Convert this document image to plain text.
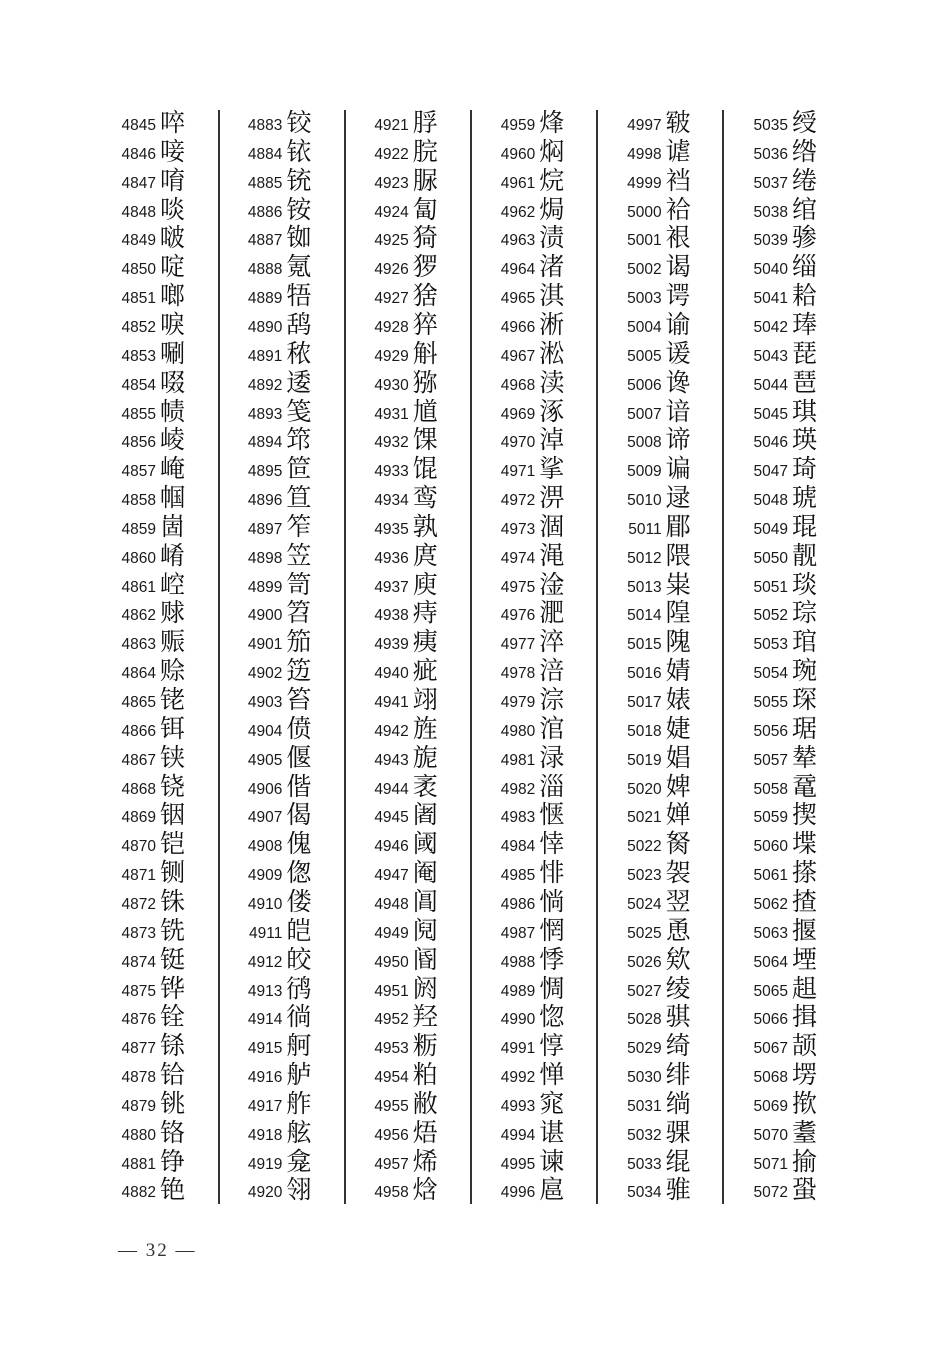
4845 啐
4846 唼
4847 唷
4848 啖
4849 啵
4850 啶
4851 啷
4852 唳
4853 唰
4854 啜
4855 帻
4856 崚
4857 崦
4858 帼
4859 崮
4860 崤
4861 崆
4862 赇
4863 赈
4864 赊
4865 铑
4866 铒
4867 铗
4868 铙
4869 铟
4870 铠
4871 铡
4872 铢
4873 铣
4874 铤
4875 铧
4876 铨
4877 铩
4878 铪
4879 铫
4880 铬
4881 铮
4882 铯
4883 铰
4884 铱
4885 铳
4886 铵
4887 铷
4888 氪
4889 牾
4890 鸹
4891 秾
4892 逶
4893 笺
4894 筇
4895 笸
4896 笪
4897 笮
4898 笠
4899 笥
4900 笤
4901 笳
4902 笾
4903 笞
4904 偾
4905 偃
4906 偕
4907 偈
4908 傀
4909 偬
4910 偻
4911 皑
4912 皎
4913 鸻
4914 徜
4915 舸
4916 舻
4917 舴
4918 舷
4919 龛
4920 翎
4921 脬
4922 脘
4923 脲
4924 匐
4925 猗
4926 猡
4927 猞
4928 猝
4929 斛
4930 猕
4931 馗
4932 馃
4933 馄
4934 鸾
4935 孰
4936 庹
4937 庾
4938 痔
4939 痍
4940 疵
4941 翊
4942 旌
4943 旎
4944 袤
4945 阇
4946 阈
4947 阉
4948 阊
4949 阋
4950 阍
4951 阏
4952 羟
4953 粝
4954 粕
4955 敝
4956 焐
4957 烯
4958 焓
4959 烽
4960 焖
4961 烷
4962 焗
4963 渍
4964 渚
4965 淇
4966 淅
4967 淞
4968 渎
4969 涿
4970 淖
4971 挲
4972 淠
4973 涸
4974 渑
4975 淦
4976 淝
4977 淬
4978 涪
4979 淙
4980 涫
4981 渌
4982 淄
4983 惬
4984 悻
4985 悱
4986 惝
4987 惘
4988 悸
4989 惆
4990 惚
4991 惇
4992 惮
4993 窕
4994 谌
4995 谏
4996 扈
4997 皲
4998 谑
4999 裆
5000 袷
5001 裉
5002 谒
5003 谔
5004 谕
5005 谖
5006 谗
5007 谙
5008 谛
5009 谝
5010 逯
5011 郿
5012 隈
5013 粜
5014 隍
5015 隗
5016 婧
5017 婊
5018 婕
5019 娼
5020 婢
5021 婵
5022 胬
5023 袈
5024 翌
5025 恿
5026 欸
5027 绫
5028 骐
5029 绮
5030 绯
5031 绱
5032 骒
5033 绲
5034 骓
5035 绶
5036 绺
5037 绻
5038 绾
5039 骖
5040 缁
5041 耠
5042 琫
5043 琵
5044 琶
5045 琪
5046 瑛
5047 琦
5048 琥
5049 琨
5050 靓
5051 琰
5052 琮
5053 琯
5054 琬
5055 琛
5056 琚
5057 辇
5058 鼋
5059 揳
5060 堞
5061 搽
5062 揸
5063 揠
5064 堙
5065 趄
5066 揖
5067 颉
5068 塄
5069 揿
5070 耋
5071 揄
5072 蛩
— 32 —
